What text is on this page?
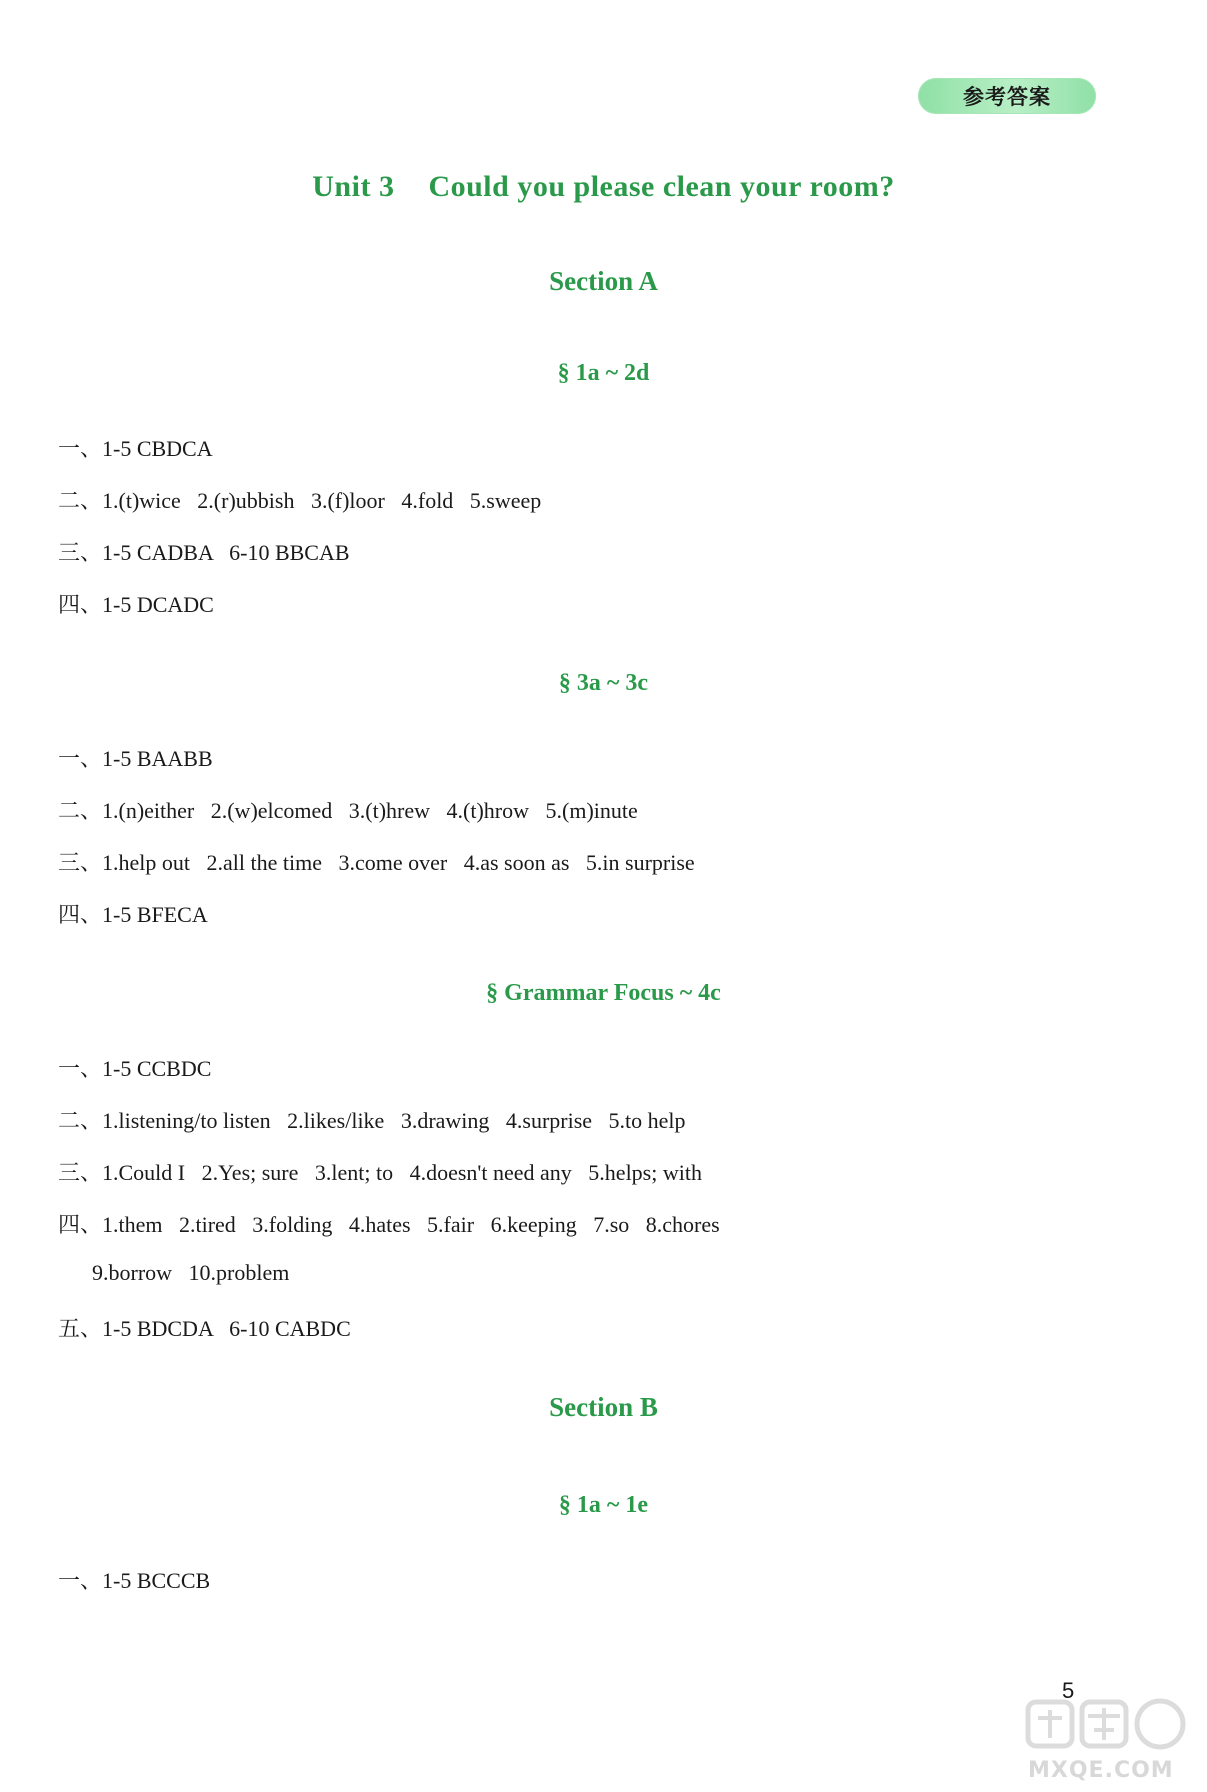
参考答案
Unit 3 Could you please clean your room?
Section A
§ 1a ~ 2d
一、1-5 CBDCA
二、1.(t)wice   2.(r)ubbish   3.(f)loor   4.fold   5.sweep
三、1-5 CADBA   6-10 BBCAB
四、1-5 DCADC
§ 3a ~ 3c
一、1-5 BAABB
二、1.(n)either   2.(w)elcomed   3.(t)hrew   4.(t)hrow   5.(m)inute
三、1.help out   2.all the time   3.come over   4.as soon as   5.in surprise
四、1-5 BFECA
§ Grammar Focus ~ 4c
一、1-5 CCBDC
二、1.listening/to listen   2.likes/like   3.drawing   4.surprise   5.to help
三、1.Could I   2.Yes; sure   3.lent; to   4.doesn't need any   5.helps; with
四、1.them   2.tired   3.folding   4.hates   5.fair   6.keeping   7.so   8.chores
9.borrow   10.problem
五、1-5 BDCDA   6-10 CABDC
Section B
§ 1a ~ 1e
一、1-5 BCCCB
5
MXQE.COM
